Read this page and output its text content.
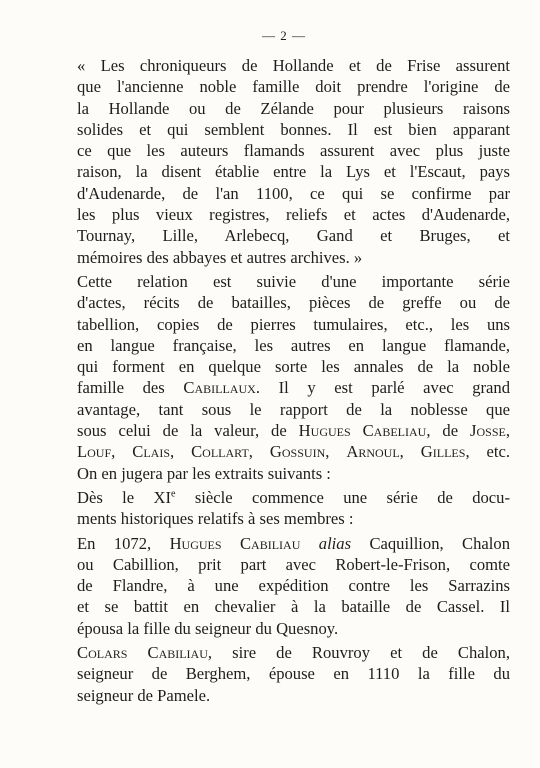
— 2 —
« Les chroniqueurs de Hollande et de Frise assurent
que l'ancienne noble famille doit prendre l'origine de
la Hollande ou de Zélande pour plusieurs raisons
solides et qui semblent bonnes. Il est bien apparant
ce que les auteurs flamands assurent avec plus juste
raison, la disent établie entre la Lys et l'Escaut, pays
d'Audenarde, de l'an 1100, ce qui se confirme par
les plus vieux registres, reliefs et actes d'Audenarde,
Tournay, Lille, Arlebecq, Gand et Bruges, et
mémoires des abbayes et autres archives. »
Cette relation est suivie d'une importante série
d'actes, récits de batailles, pièces de greffe ou de
tabellion, copies de pierres tumulaires, etc., les uns
en langue française, les autres en langue flamande,
qui forment en quelque sorte les annales de la noble
famille des Cabillaux. Il y est parlé avec grand
avantage, tant sous le rapport de la noblesse que
sous celui de la valeur, de Hugues Cabeliau, de Josse,
Louf, Clais, Collart, Gossuin, Arnoul, Gilles, etc.
On en jugera par les extraits suivants :
Dès le XIe siècle commence une série de docu-
ments historiques relatifs à ses membres :
En 1072, Hugues Cabiliau alias Caquillion, Chalon
ou Cabillion, prit part avec Robert-le-Frison, comte
de Flandre, à une expédition contre les Sarrazins
et se battit en chevalier à la bataille de Cassel. Il
épousa la fille du seigneur du Quesnoy.
Colars Cabiliau, sire de Rouvroy et de Chalon,
seigneur de Berghem, épouse en 1110 la fille du
seigneur de Pamele.
